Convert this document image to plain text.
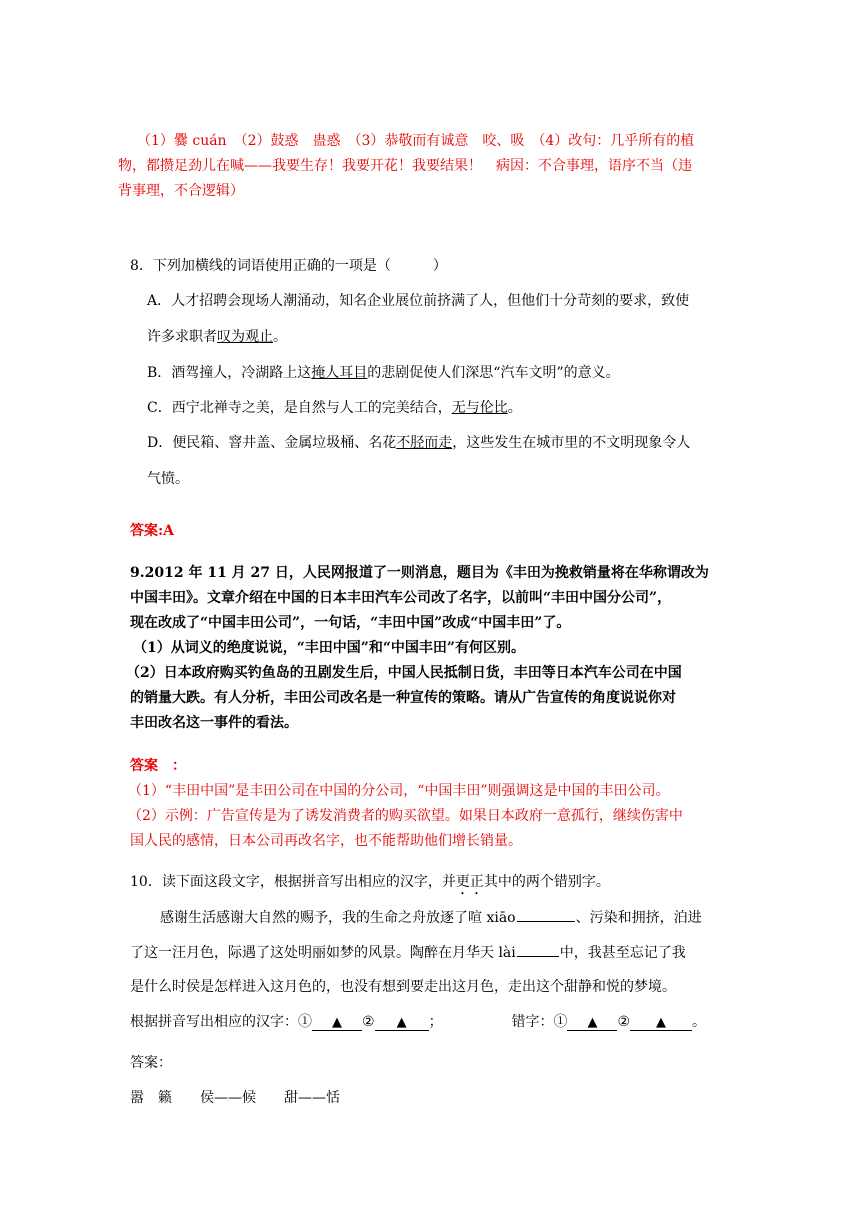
（1）爨 cuán　（2）鼓惑　蛊惑　（3）恭敬而有诚意　咬、吸　（4）改句：几乎所有的植
物，都攒足劲儿在喊——我要生存！我要开花！我要结果！　病因：不合事理，语序不当（违
背事理，不合逻辑）
8．下列加横线的词语使用正确的一项是（　　　）
A．人才招聘会现场人潮涌动，知名企业展位前挤满了人，但他们十分苛刻的要求，致使
许多求职者叹为观止。
B．酒驾撞人，冷湖路上这掩人耳目的悲剧促使人们深思“汽车文明”的意义。
C．西宁北禅寺之美，是自然与人工的完美结合，无与伦比。
D．便民箱、窨井盖、金属垃圾桶、名花不胫而走，这些发生在城市里的不文明现象令人
气愤。
答案:A
9.2012 年 11 月 27 日，人民网报道了一则消息，题目为《丰田为挽救销量将在华称谓改为
中国丰田》。文章介绍在中国的日本丰田汽车公司改了名字，以前叫“丰田中国分公司”，
现在改成了“中国丰田公司”，一句话，“丰田中国”改成“中国丰田”了。
（1）从词义的绝度说说，“丰田中国”和“中国丰田”有何区别。
（2）日本政府购买钓鱼岛的丑剧发生后，中国人民抵制日货，丰田等日本汽车公司在中国
的销量大跌。有人分析，丰田公司改名是一种宣传的策略。请从广告宣传的角度说说你对
丰田改名这一事件的看法。
答案　：
（1）“丰田中国”是丰田公司在中国的分公司，“中国丰田”则强调这是中国的丰田公司。
（2）示例：广告宣传是为了诱发消费者的购买欲望。如果日本政府一意孤行，继续伤害中
国人民的感情，日本公司再改名字，也不能帮助他们增长销量。
10．读下面这段文字，根据拼音写出相应的汉字，并更正其中的两个错别字。
感谢生活感谢大自然的赐予，我的生命之舟放逐了喧 xiāo	、污染和拥挤，泊进
了这一汪月色，际遇了这处明丽如梦的风景。陶醉在月华天 lài	中，我甚至忘记了我
是什么时侯是怎样进入这月色的，也没有想到要走出这月色，走出这个甜静和悦的梦境。
根据拼音写出相应的汉字：① ▲ ② ▲ ；	错字：① ▲ ② ▲ 。
答案：
嚣　籁　　侯——候　　甜——恬
